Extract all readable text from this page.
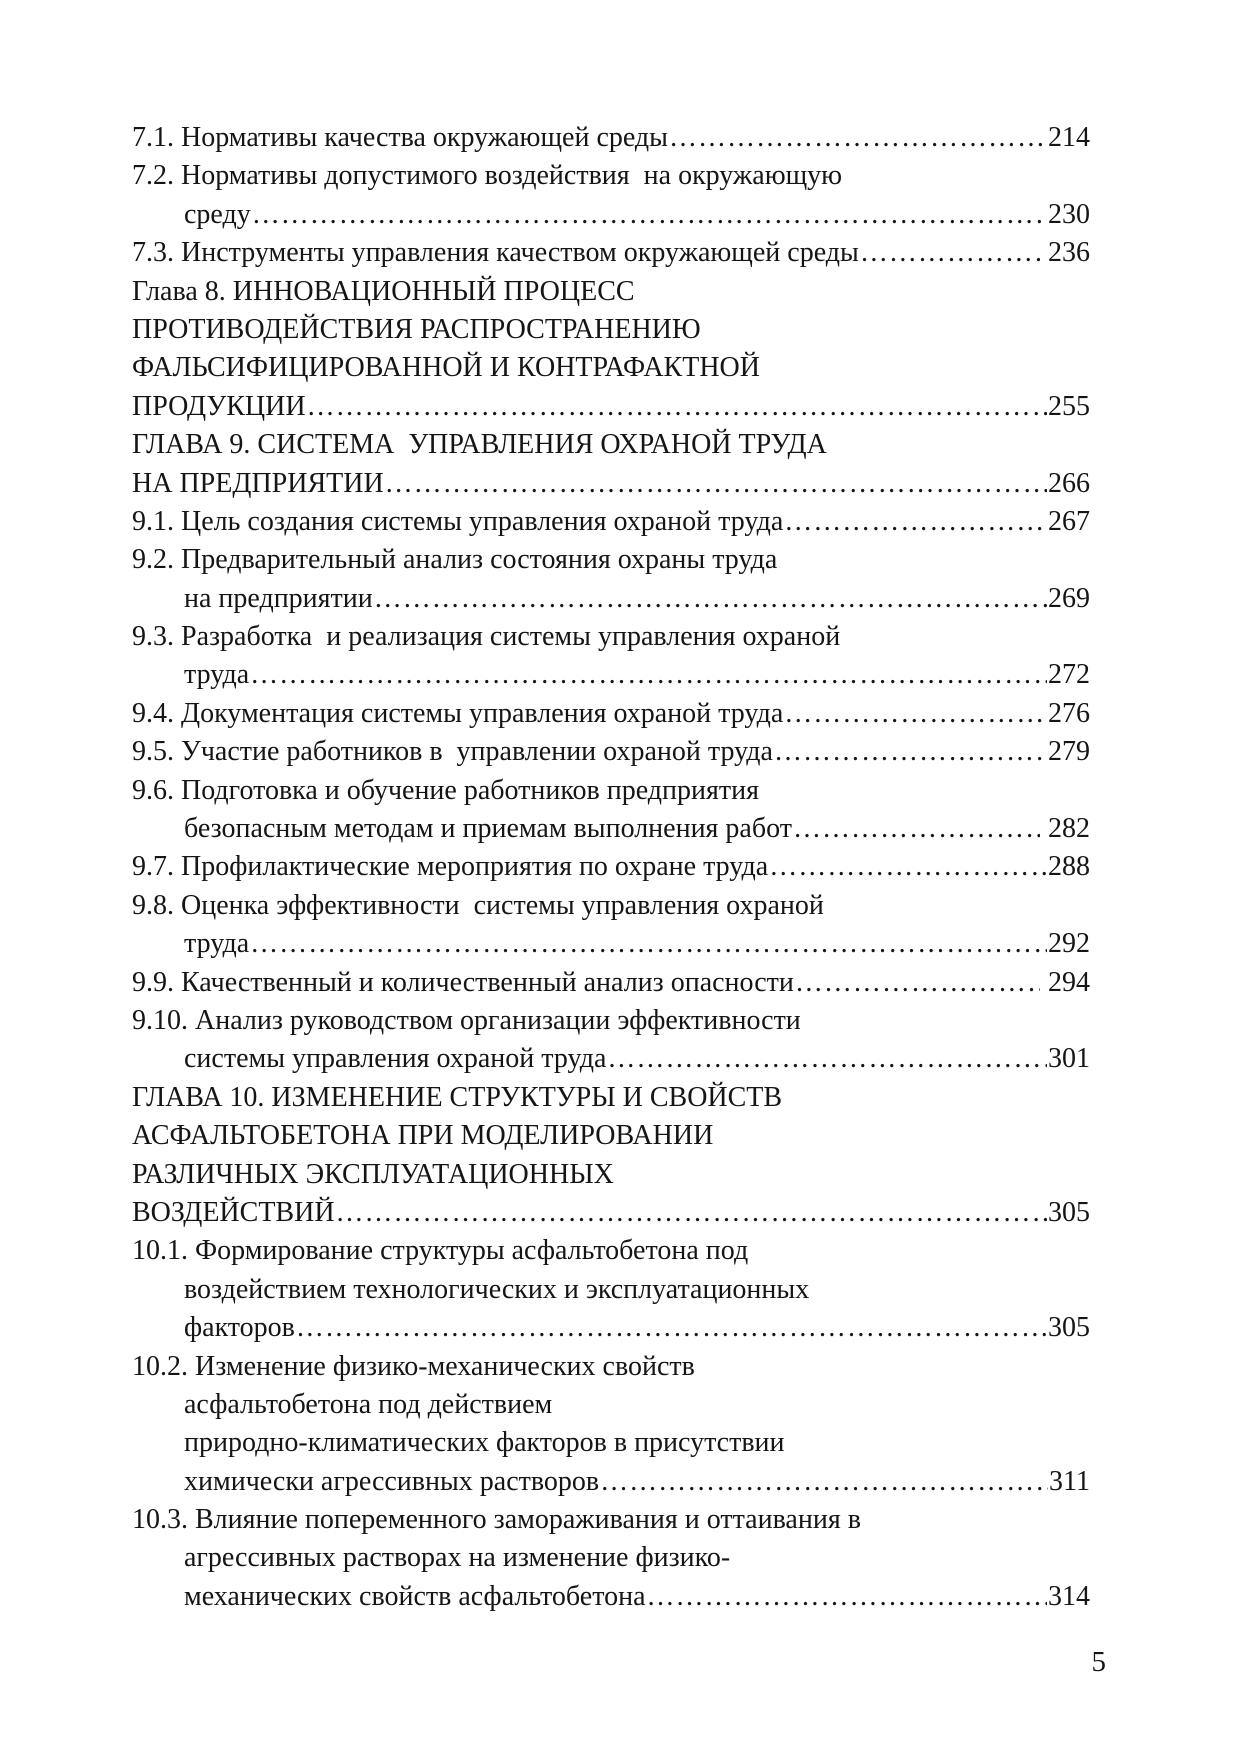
7.1. Нормативы качества окружающей среды ………………………………………………………………………………………………………………	214
7.2. Нормативы допустимого воздействия  на окружающую
среду ………………………………………………………………………………………………………………	230
7.3. Инструменты управления качеством окружающей среды ………………………………………………………………………………………………………………	236
Глава 8. ИННОВАЦИОННЫЙ ПРОЦЕСС
ПРОТИВОДЕЙСТВИЯ РАСПРОСТРАНЕНИЮ
ФАЛЬСИФИЦИРОВАННОЙ И КОНТРАФАКТНОЙ
ПРОДУКЦИИ ………………………………………………………………………………………………………………	255
ГЛАВА 9. СИСТЕМА  УПРАВЛЕНИЯ ОХРАНОЙ ТРУДА
НА ПРЕДПРИЯТИИ ………………………………………………………………………………………………………………	266
9.1. Цель создания системы управления охраной труда ………………………………………………………………………………………………………………	267
9.2. Предварительный анализ состояния охраны труда
на предприятии ………………………………………………………………………………………………………………	269
9.3. Разработка  и реализация системы управления охраной
труда ………………………………………………………………………………………………………………	272
9.4. Документация системы управления охраной труда ………………………………………………………………………………………………………………	276
9.5. Участие работников в  управлении охраной труда ………………………………………………………………………………………………………………	279
9.6. Подготовка и обучение работников предприятия
безопасным методам и приемам выполнения работ ………………………………………………………………………………………………………………	282
9.7. Профилактические мероприятия по охране труда ………………………………………………………………………………………………………………	288
9.8. Оценка эффективности  системы управления охраной
труда ………………………………………………………………………………………………………………	292
9.9. Качественный и количественный анализ опасности ………………………………………………………………………………………………………………	294
9.10. Анализ руководством организации эффективности
системы управления охраной труда ………………………………………………………………………………………………………………	301
ГЛАВА 10. ИЗМЕНЕНИЕ СТРУКТУРЫ И СВОЙСТВ
АСФАЛЬТОБЕТОНА ПРИ МОДЕЛИРОВАНИИ
РАЗЛИЧНЫХ ЭКСПЛУАТАЦИОННЫХ
ВОЗДЕЙСТВИЙ ………………………………………………………………………………………………………………	305
10.1. Формирование структуры асфальтобетона под
воздействием технологических и эксплуатационных
факторов ………………………………………………………………………………………………………………	305
10.2. Изменение физико-механических свойств
асфальтобетона под действием
природно-климатических факторов в присутствии
химически агрессивных растворов ………………………………………………………………………………………………………………	311
10.3. Влияние попеременного замораживания и оттаивания в
агрессивных растворах на изменение физико-
механических свойств асфальтобетона ………………………………………………………………………………………………………………	314
5
